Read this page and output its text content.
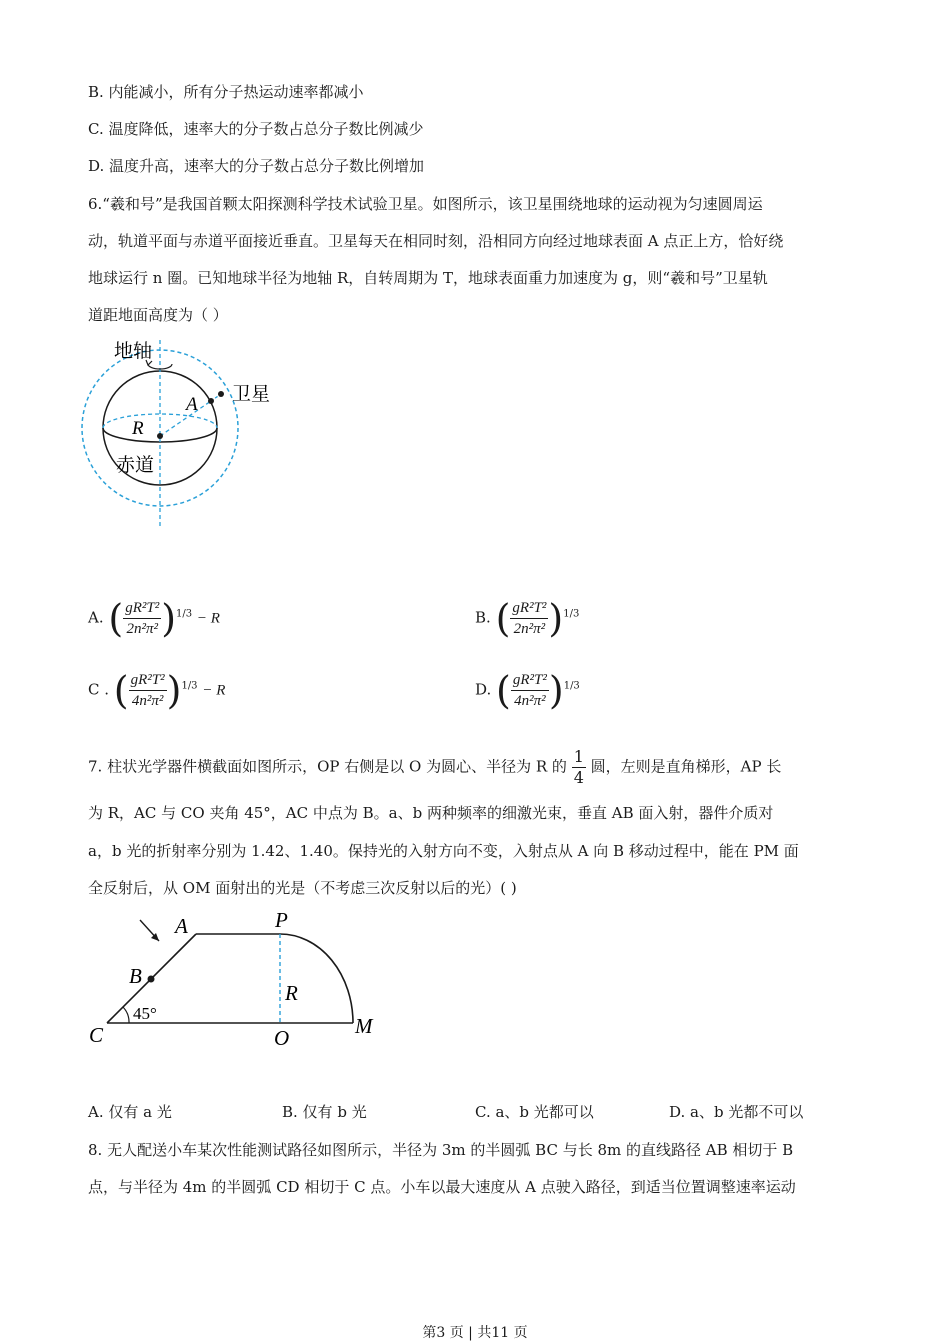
B. 内能减小，所有分子热运动速率都减小
C. 温度降低，速率大的分子数占总分子数比例减少
D. 温度升高，速率大的分子数占总分子数比例增加
6.“羲和号”是我国首颗太阳探测科学技术试验卫星。如图所示，该卫星围绕地球的运动视为匀速圆周运
动，轨道平面与赤道平面接近垂直。卫星每天在相同时刻，沿相同方向经过地球表面 A 点正上方，恰好绕
地球运行 n 圈。已知地球半径为地轴 R，自转周期为 T，地球表面重力加速度为 g，则“羲和号”卫星轨
道距地面高度为（ ）
地轴
卫星
A
R
赤道
A. ( $\frac{\text{gR²T²}}{\text{2n²π²}} )^{1/3} - R$	B. ( $\frac{\text{gR²T²}}{\text{2n²π²}} )^{1/3}$
C . ( $\frac{\text{gR²T²}}{\text{4n²π²}} )^{1/3} - R$	D. ( $\frac{\text{gR²T²}}{\text{4n²π²}} )^{1/3}$
7. 柱状光学器件横截面如图所示，OP 右侧是以 O 为圆心、半径为 R 的 $\frac{1}{4}$ 圆，左则是直角梯形，AP 长
为 R，AC 与 CO 夹角 45°，AC 中点为 B。a、b 两种频率的细激光束，垂直 AB 面入射，器件介质对
a，b 光的折射率分别为 1.42、1.40。保持光的入射方向不变，入射点从 A 向 B 移动过程中，能在 PM 面
全反射后，从 OM 面射出的光是（不考虑三次反射以后的光）( )
A	P
B
R
45°
C	O	M
A. 仅有 a 光	B. 仅有 b 光	C. a、b 光都可以	D. a、b 光都不可以
8. 无人配送小车某次性能测试路径如图所示，半径为 3m 的半圆弧 BC 与长 8m 的直线路径 AB 相切于 B
点，与半径为 4m 的半圆弧 CD 相切于 C 点。小车以最大速度从 A 点驶入路径，到适当位置调整速率运动
第3 页 | 共11 页
